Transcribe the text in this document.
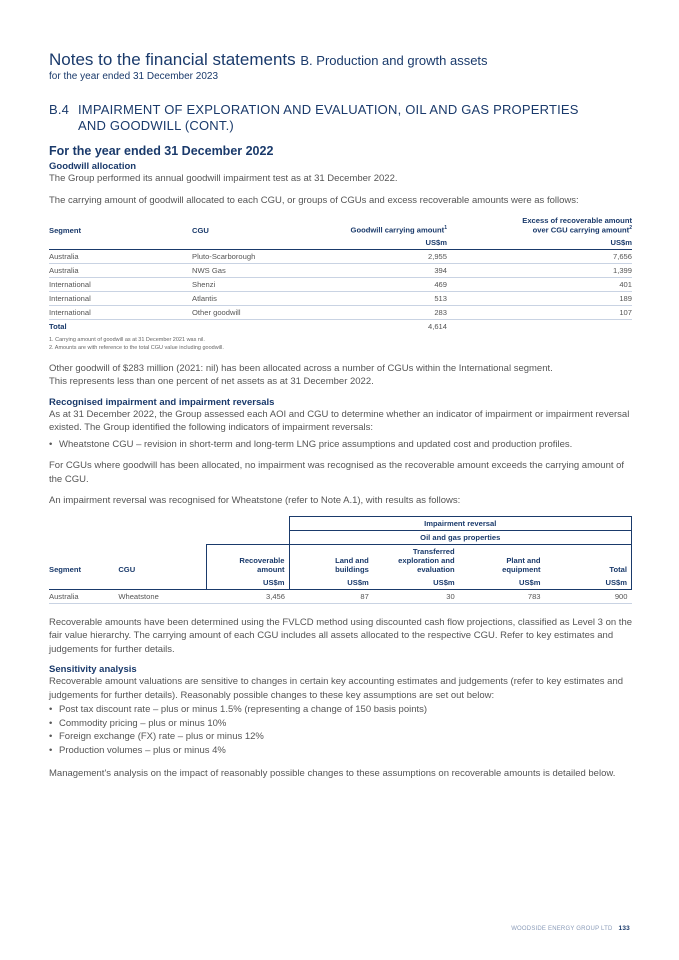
Notes to the financial statements B. Production and growth assets
for the year ended 31 December 2023
B.4 IMPAIRMENT OF EXPLORATION AND EVALUATION, OIL AND GAS PROPERTIES
AND GOODWILL (CONT.)
For the year ended 31 December 2022
Goodwill allocation

The Group performed its annual goodwill impairment test as at 31 December 2022.

The carrying amount of goodwill allocated to each CGU, or groups of CGUs and excess recoverable amounts were as follows:

Segment	CGU	Goodwill carrying amount$^1$	Excess of recoverable amount
over CGU carrying amount$^2$
		US$m	US$m
Australia	Pluto-Scarborough	2,955	7,656
Australia	NWS Gas	394	1,399
International	Shenzi	469	401
International	Atlantis	513	189
International	Other goodwill	283	107
Total		4,614	
1. Carrying amount of goodwill as at 31 December 2021 was nil.
2. Amounts are with reference to the total CGU value including goodwill.

Other goodwill of $283 million (2021: nil) has been allocated across a number of CGUs within the International segment.
This represents less than one percent of net assets as at 31 December 2022.

Recognised impairment and impairment reversals

As at 31 December 2022, the Group assessed each AOI and CGU to determine whether an indicator of impairment or impairment reversal existed. The Group identified the following indicators of impairment reversals:

• Wheatstone CGU – revision in short-term and long-term LNG price assumptions and updated cost and production profiles.

For CGUs where goodwill has been allocated, no impairment was recognised as the recoverable amount exceeds the carrying amount of the CGU.

An impairment reversal was recognised for Wheatstone (refer to Note A.1), with results as follows:

			Impairment reversal			
			Oil and gas properties			
Segment	CGU	Recoverable
amount	Land and
buildings	Transferred
exploration and
evaluation	Plant and
equipment	Total
		US$m	US$m	US$m	US$m	US$m
Australia	Wheatstone	3,456	87	30	783	900

Recoverable amounts have been determined using the FVLCD method using discounted cash flow projections, classified as Level 3 on the fair value hierarchy. The carrying amount of each CGU includes all assets allocated to the respective CGU. Refer to key estimates and judgements for further details.

Sensitivity analysis

Recoverable amount valuations are sensitive to changes in certain key accounting estimates and judgements (refer to key estimates and judgements for further details). Reasonably possible changes to these key assumptions are set out below:

• Post tax discount rate – plus or minus 1.5% (representing a change of 150 basis points)
• Commodity pricing – plus or minus 10%
• Foreign exchange (FX) rate – plus or minus 12%
• Production volumes – plus or minus 4%

Management's analysis on the impact of reasonably possible changes to these assumptions on recoverable amounts is detailed below.

WOODSIDE ENERGY GROUP LTD 133
